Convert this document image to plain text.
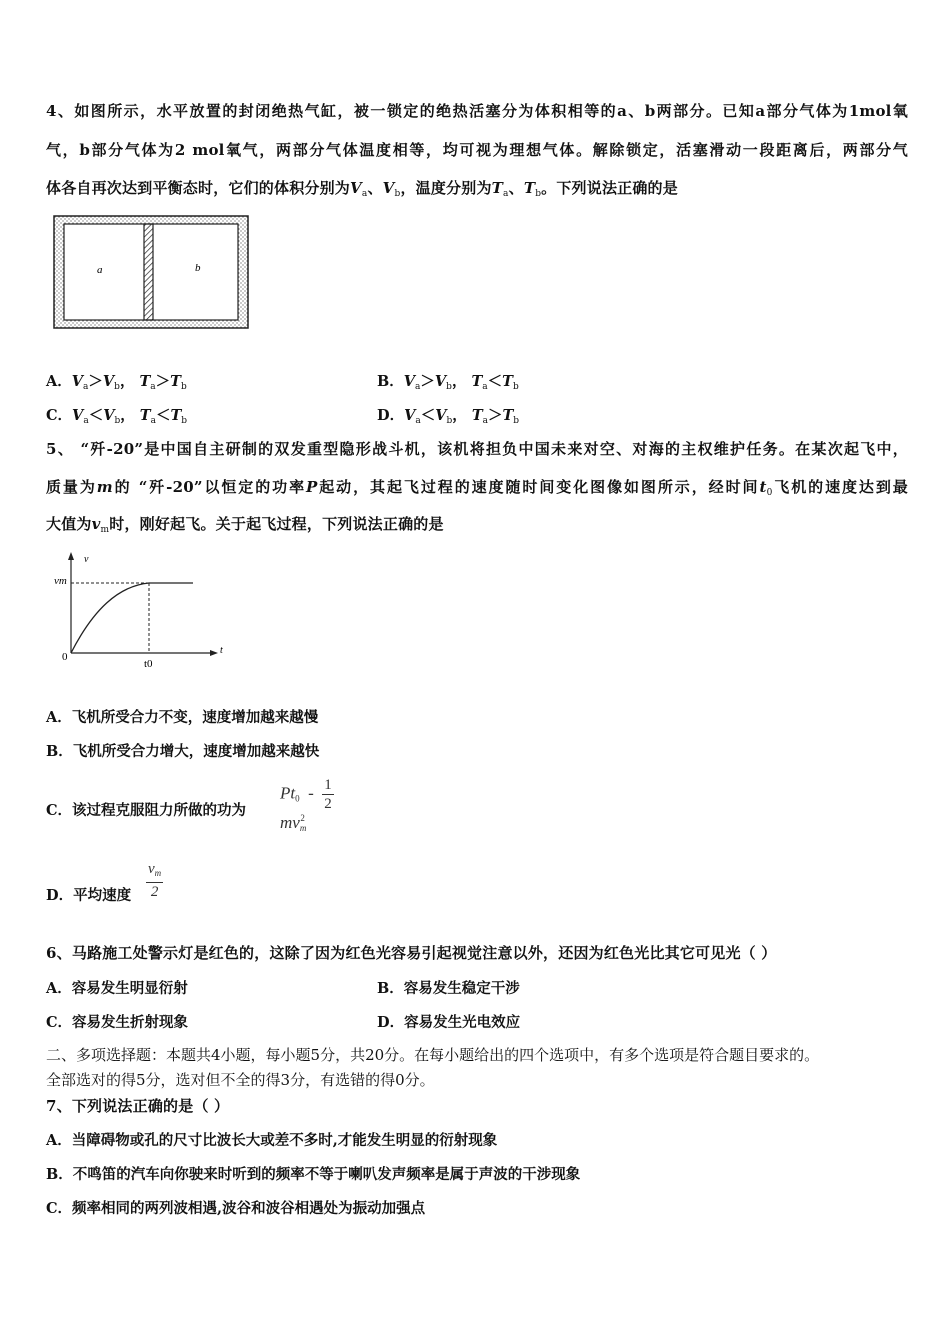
4、如图所示，水平放置的封闭绝热气缸，被一锁定的绝热活塞分为体积相等的a、b两部分。已知a部分气体为1mol氧
气，b部分气体为2 mol氧气，两部分气体温度相等，均可视为理想气体。解除锁定，活塞滑动一段距离后，两部分气
体各自再次达到平衡态时，它们的体积分别为$V_a$、$V_b$，温度分别为$T_a$、$T_b$。下列说法正确的是
a	b
A．$V_a>V_b$， $T_a>T_b$	B．$V_a>V_b$， $T_a<T_b$
C．$V_a<V_b$， $T_a<T_b$	D．$V_a<V_b$， $T_a>T_b$
5、 “歼-20”是中国自主研制的双发重型隐形战斗机，该机将担负中国未来对空、对海的主权维护任务。在某次起飞中，
质量为m的 “歼-20”以恒定的功率P起动，其起飞过程的速度随时间变化图像如图所示，经时间$t_0$飞机的速度达到最
大值为$v_m$时，刚好起飞。关于起飞过程，下列说法正确的是
v
t
vm
t0
0
A．飞机所受合力不变，速度增加越来越慢
B．飞机所受合力增大，速度增加越来越快
C．该过程克服阻力所做的功为
$Pt_0 - \frac{1}{2}$
$mv_m^2$
D．平均速度 $\frac{v_m}{2}$
6、马路施工处警示灯是红色的，这除了因为红色光容易引起视觉注意以外，还因为红色光比其它可见光（ ）
A．容易发生明显衍射	B．容易发生稳定干涉
C．容易发生折射现象	D．容易发生光电效应
二、多项选择题：本题共4小题，每小题5分，共20分。在每小题给出的四个选项中，有多个选项是符合题目要求的。
全部选对的得5分，选对但不全的得3分，有选错的得0分。
7、下列说法正确的是（ ）
A．当障碍物或孔的尺寸比波长大或差不多时,才能发生明显的衍射现象
B．不鸣笛的汽车向你驶来时听到的频率不等于喇叭发声频率是属于声波的干涉现象
C．频率相同的两列波相遇,波谷和波谷相遇处为振动加强点
